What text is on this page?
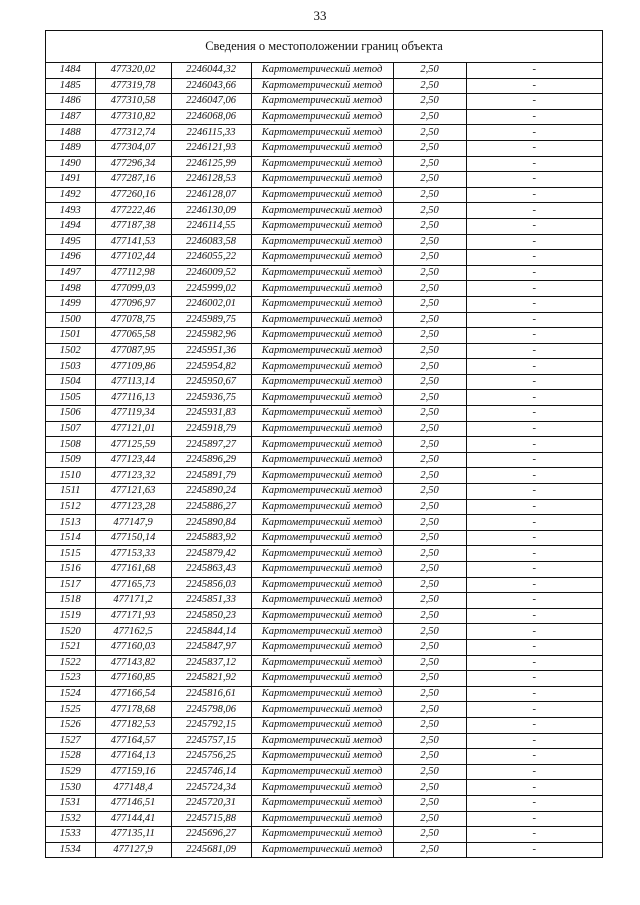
33
Сведения о местоположении границ объекта
1484	477320,02	2246044,32	Картометрический метод	2,50	-
1485	477319,78	2246043,66	Картометрический метод	2,50	-
1486	477310,58	2246047,06	Картометрический метод	2,50	-
1487	477310,82	2246068,06	Картометрический метод	2,50	-
1488	477312,74	2246115,33	Картометрический метод	2,50	-
1489	477304,07	2246121,93	Картометрический метод	2,50	-
1490	477296,34	2246125,99	Картометрический метод	2,50	-
1491	477287,16	2246128,53	Картометрический метод	2,50	-
1492	477260,16	2246128,07	Картометрический метод	2,50	-
1493	477222,46	2246130,09	Картометрический метод	2,50	-
1494	477187,38	2246114,55	Картометрический метод	2,50	-
1495	477141,53	2246083,58	Картометрический метод	2,50	-
1496	477102,44	2246055,22	Картометрический метод	2,50	-
1497	477112,98	2246009,52	Картометрический метод	2,50	-
1498	477099,03	2245999,02	Картометрический метод	2,50	-
1499	477096,97	2246002,01	Картометрический метод	2,50	-
1500	477078,75	2245989,75	Картометрический метод	2,50	-
1501	477065,58	2245982,96	Картометрический метод	2,50	-
1502	477087,95	2245951,36	Картометрический метод	2,50	-
1503	477109,86	2245954,82	Картометрический метод	2,50	-
1504	477113,14	2245950,67	Картометрический метод	2,50	-
1505	477116,13	2245936,75	Картометрический метод	2,50	-
1506	477119,34	2245931,83	Картометрический метод	2,50	-
1507	477121,01	2245918,79	Картометрический метод	2,50	-
1508	477125,59	2245897,27	Картометрический метод	2,50	-
1509	477123,44	2245896,29	Картометрический метод	2,50	-
1510	477123,32	2245891,79	Картометрический метод	2,50	-
1511	477121,63	2245890,24	Картометрический метод	2,50	-
1512	477123,28	2245886,27	Картометрический метод	2,50	-
1513	477147,9	2245890,84	Картометрический метод	2,50	-
1514	477150,14	2245883,92	Картометрический метод	2,50	-
1515	477153,33	2245879,42	Картометрический метод	2,50	-
1516	477161,68	2245863,43	Картометрический метод	2,50	-
1517	477165,73	2245856,03	Картометрический метод	2,50	-
1518	477171,2	2245851,33	Картометрический метод	2,50	-
1519	477171,93	2245850,23	Картометрический метод	2,50	-
1520	477162,5	2245844,14	Картометрический метод	2,50	-
1521	477160,03	2245847,97	Картометрический метод	2,50	-
1522	477143,82	2245837,12	Картометрический метод	2,50	-
1523	477160,85	2245821,92	Картометрический метод	2,50	-
1524	477166,54	2245816,61	Картометрический метод	2,50	-
1525	477178,68	2245798,06	Картометрический метод	2,50	-
1526	477182,53	2245792,15	Картометрический метод	2,50	-
1527	477164,57	2245757,15	Картометрический метод	2,50	-
1528	477164,13	2245756,25	Картометрический метод	2,50	-
1529	477159,16	2245746,14	Картометрический метод	2,50	-
1530	477148,4	2245724,34	Картометрический метод	2,50	-
1531	477146,51	2245720,31	Картометрический метод	2,50	-
1532	477144,41	2245715,88	Картометрический метод	2,50	-
1533	477135,11	2245696,27	Картометрический метод	2,50	-
1534	477127,9	2245681,09	Картометрический метод	2,50	-
